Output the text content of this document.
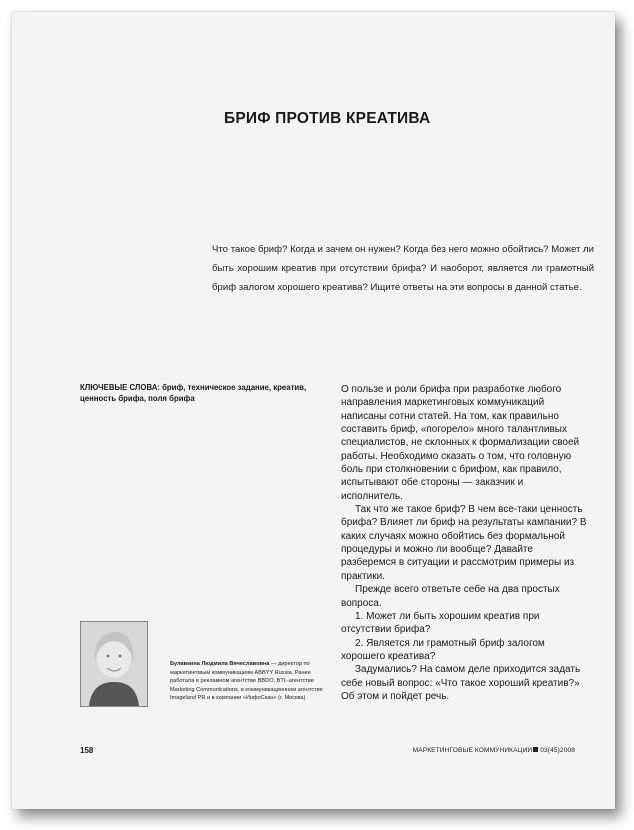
БРИФ ПРОТИВ КРЕАТИВА
Что такое бриф? Когда и зачем он нужен? Когда без него можно обойтись? Может ли быть хорошим креатив при отсутствии брифа? И наоборот, является ли грамотный бриф залогом хорошего креатива? Ищите ответы на эти вопросы в данной статье.
КЛЮЧЕВЫЕ СЛОВА: бриф, техническое задание, креатив, ценность брифа, поля брифа

О пользе и роли брифа при разработке любого направления маркетинговых коммуникаций написаны сотни статей. На том, как правильно составить бриф, «погорело» много талантливых специалистов, не склонных к формализации своей работы. Необходимо сказать о том, что головную боль при столкновении с брифом, как правило, испытывают обе стороны — заказчик и исполнитель.

Так что же такое бриф? В чем все-таки ценность брифа? Влияет ли бриф на результаты кампании? В каких случаях можно обойтись без формальной процедуры и можно ли вообще? Давайте разберемся в ситуации и рассмотрим примеры из практики.

Прежде всего ответьте себе на два простых вопроса.

1. Может ли быть хорошим креатив при отсутствии брифа?

2. Является ли грамотный бриф залогом хорошего креатива?

Задумались? На самом деле приходится задать себе новый вопрос: «Что такое хороший креатив?» Об этом и пойдет речь.

Булавкина Людмила Вячеславовна — директор по маркетинговым коммуникациям ABBYY Russia. Ранее работала в рекламном агентстве BBDO, BTL-агентстве Marketing Communications, в коммуникационном агентстве Imageland PR и в компании «ИнфоСкан» (г. Москва)
158	МАРКЕТИНГОВЫЕ КОММУНИКАЦИИ 03(45)2008
